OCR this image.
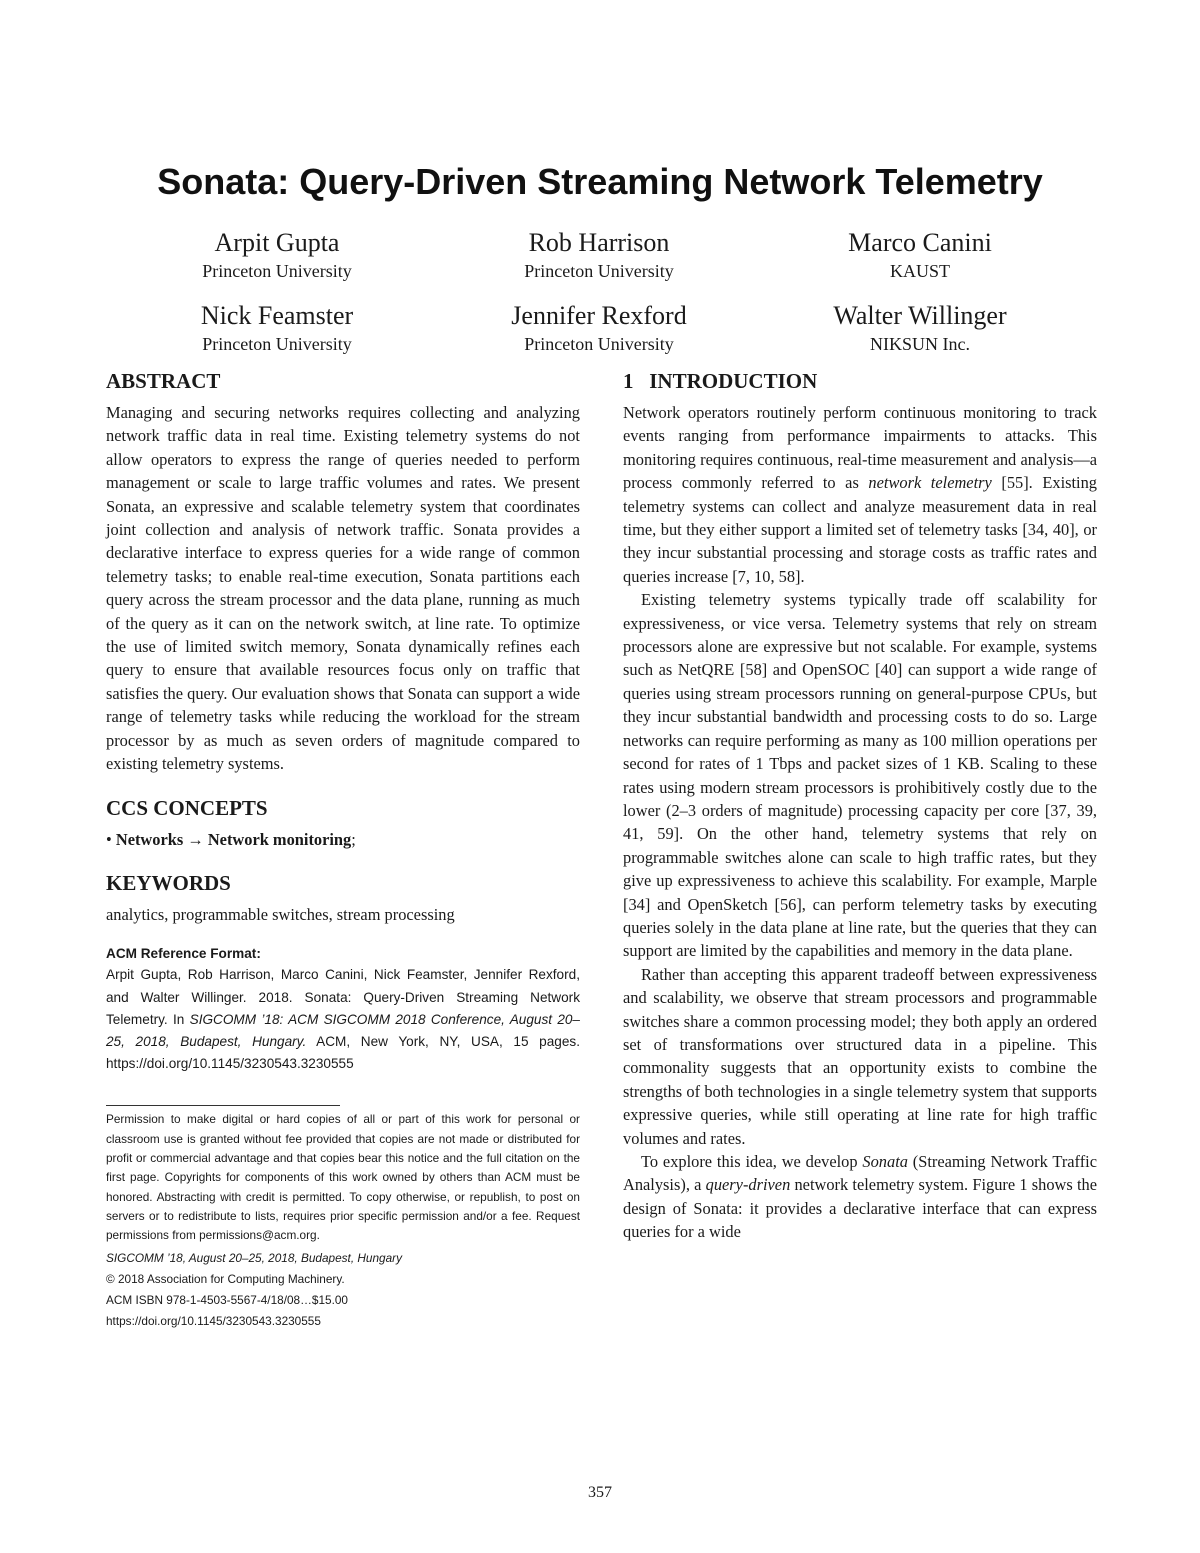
Sonata: Query-Driven Streaming Network Telemetry
Arpit Gupta
Princeton University
Rob Harrison
Princeton University
Marco Canini
KAUST
Nick Feamster
Princeton University
Jennifer Rexford
Princeton University
Walter Willinger
NIKSUN Inc.
ABSTRACT

Managing and securing networks requires collecting and analyzing network traffic data in real time. Existing telemetry systems do not allow operators to express the range of queries needed to perform management or scale to large traffic volumes and rates. We present Sonata, an expressive and scalable telemetry system that coordinates joint collection and analysis of network traffic. Sonata provides a declarative interface to express queries for a wide range of common telemetry tasks; to enable real-time execution, Sonata partitions each query across the stream processor and the data plane, running as much of the query as it can on the network switch, at line rate. To optimize the use of limited switch memory, Sonata dynamically refines each query to ensure that available resources focus only on traffic that satisfies the query. Our evaluation shows that Sonata can support a wide range of telemetry tasks while reducing the workload for the stream processor by as much as seven orders of magnitude compared to existing telemetry systems.

CCS CONCEPTS

• Networks → Network monitoring;

KEYWORDS

analytics, programmable switches, stream processing

ACM Reference Format:

Arpit Gupta, Rob Harrison, Marco Canini, Nick Feamster, Jennifer Rexford, and Walter Willinger. 2018. Sonata: Query-Driven Streaming Network Telemetry. In SIGCOMM ’18: ACM SIGCOMM 2018 Conference, August 20–25, 2018, Budapest, Hungary. ACM, New York, NY, USA, 15 pages. https://doi.org/10.1145/3230543.3230555

Permission to make digital or hard copies of all or part of this work for personal or classroom use is granted without fee provided that copies are not made or distributed for profit or commercial advantage and that copies bear this notice and the full citation on the first page. Copyrights for components of this work owned by others than ACM must be honored. Abstracting with credit is permitted. To copy otherwise, or republish, to post on servers or to redistribute to lists, requires prior specific permission and/or a fee. Request permissions from permissions@acm.org.

SIGCOMM ’18, August 20–25, 2018, Budapest, Hungary

© 2018 Association for Computing Machinery.

ACM ISBN 978-1-4503-5567-4/18/08…$15.00

https://doi.org/10.1145/3230543.3230555

1   INTRODUCTION

Network operators routinely perform continuous monitoring to track events ranging from performance impairments to attacks. This monitoring requires continuous, real-time measurement and analysis—a process commonly referred to as network telemetry [55]. Existing telemetry systems can collect and analyze measurement data in real time, but they either support a limited set of telemetry tasks [34, 40], or they incur substantial processing and storage costs as traffic rates and queries increase [7, 10, 58].

Existing telemetry systems typically trade off scalability for expressiveness, or vice versa. Telemetry systems that rely on stream processors alone are expressive but not scalable. For example, systems such as NetQRE [58] and OpenSOC [40] can support a wide range of queries using stream processors running on general-purpose CPUs, but they incur substantial bandwidth and processing costs to do so. Large networks can require performing as many as 100 million operations per second for rates of 1 Tbps and packet sizes of 1 KB. Scaling to these rates using modern stream processors is prohibitively costly due to the lower (2–3 orders of magnitude) processing capacity per core [37, 39, 41, 59]. On the other hand, telemetry systems that rely on programmable switches alone can scale to high traffic rates, but they give up expressiveness to achieve this scalability. For example, Marple [34] and OpenSketch [56], can perform telemetry tasks by executing queries solely in the data plane at line rate, but the queries that they can support are limited by the capabilities and memory in the data plane.

Rather than accepting this apparent tradeoff between expressiveness and scalability, we observe that stream processors and programmable switches share a common processing model; they both apply an ordered set of transformations over structured data in a pipeline. This commonality suggests that an opportunity exists to combine the strengths of both technologies in a single telemetry system that supports expressive queries, while still operating at line rate for high traffic volumes and rates.

To explore this idea, we develop Sonata (Streaming Network Traffic Analysis), a query-driven network telemetry system. Figure 1 shows the design of Sonata: it provides a declarative interface that can express queries for a wide

357
